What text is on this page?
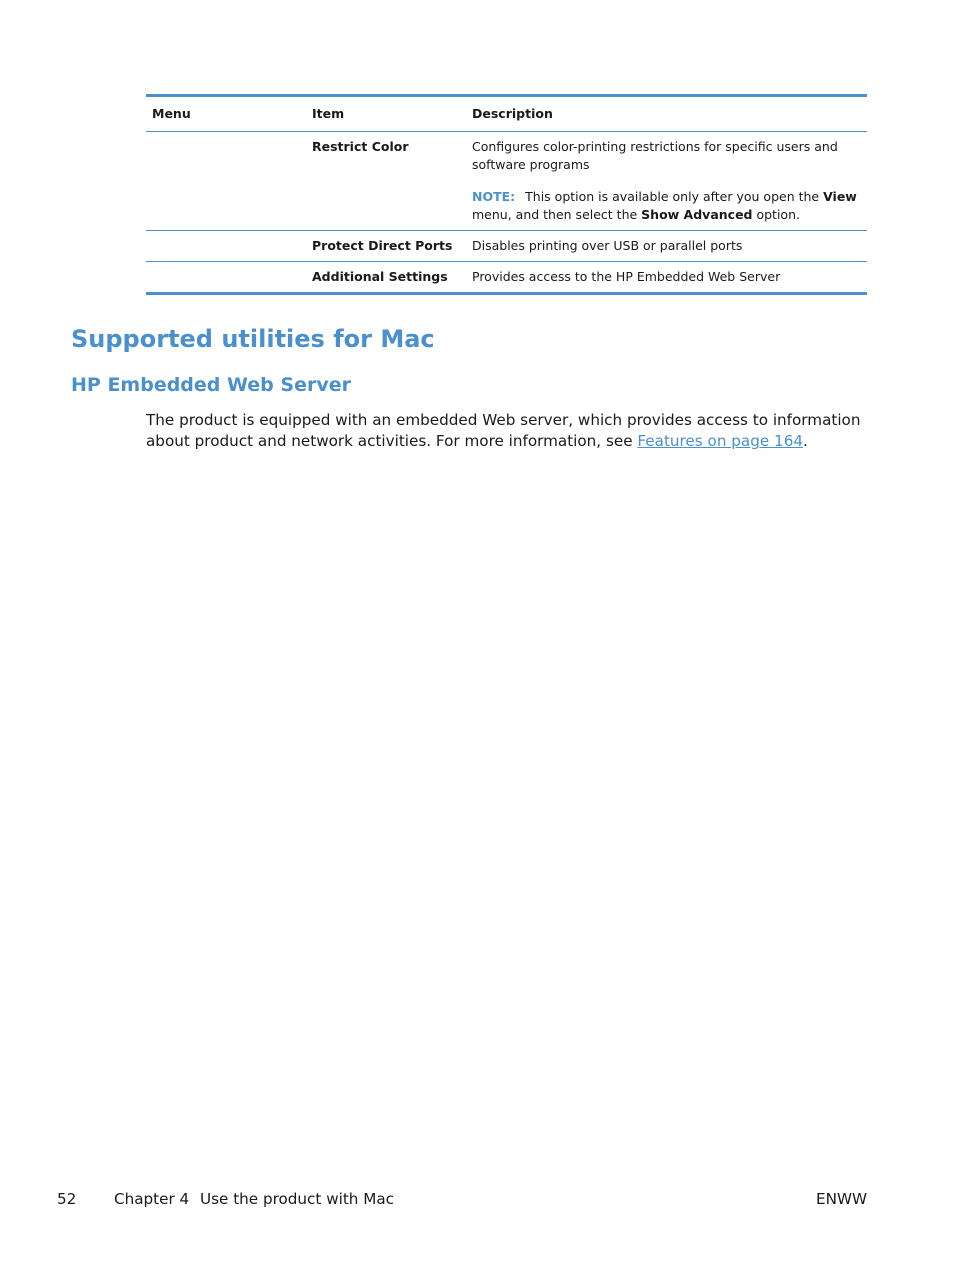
Menu	Item	Description
	Restrict Color	Configures color-printing restrictions for specific users and software programs
NOTE: This option is available only after you open the View menu, and then select the Show Advanced option.

	Protect Direct Ports	Disables printing over USB or parallel ports
	Additional Settings	Provides access to the HP Embedded Web Server
Supported utilities for Mac
HP Embedded Web Server

The product is equipped with an embedded Web server, which provides access to information about product and network activities. For more information, see Features on page 164.

52 Chapter 4 Use the product with Mac	ENWW
